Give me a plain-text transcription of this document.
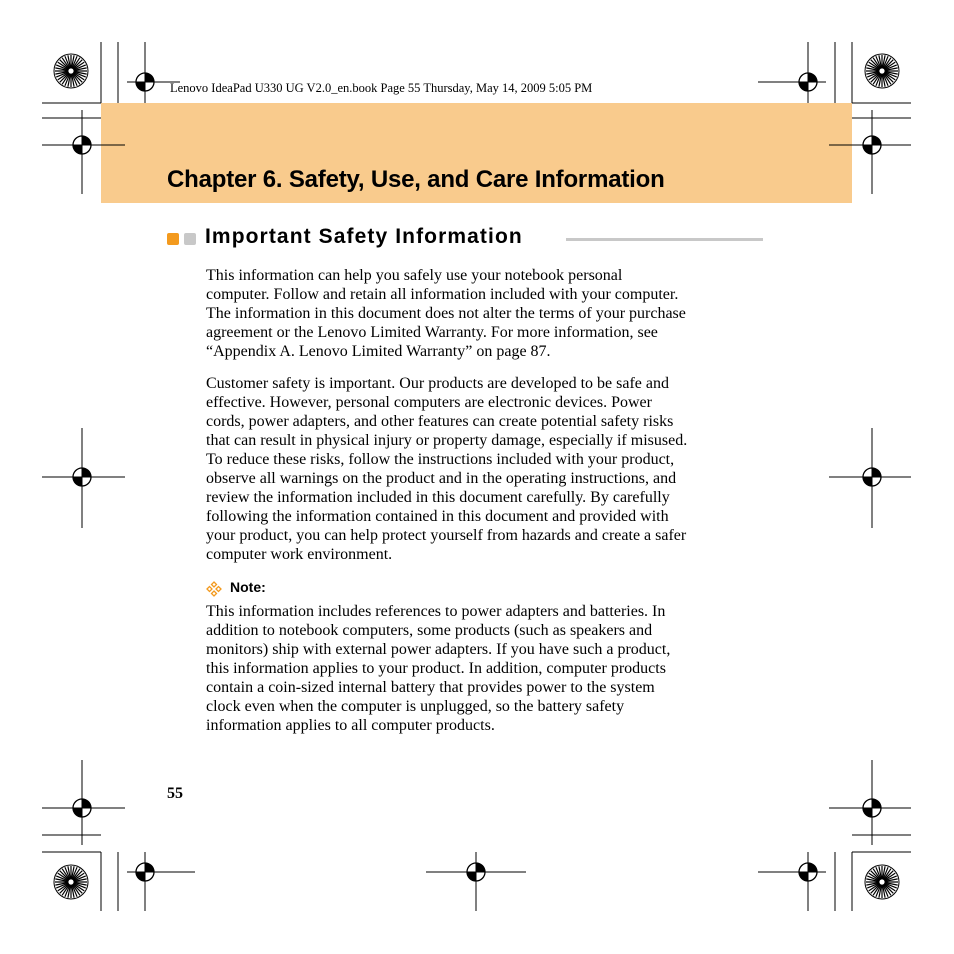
Lenovo IdeaPad U330 UG V2.0_en.book Page 55 Thursday, May 14, 2009 5:05 PM
Chapter 6. Safety, Use, and Care Information
Important Safety Information
This information can help you safely use your notebook personal
computer. Follow and retain all information included with your computer.
The information in this document does not alter the terms of your purchase
agreement or the Lenovo Limited Warranty. For more information, see
“Appendix A. Lenovo Limited Warranty” on page 87.
Customer safety is important. Our products are developed to be safe and
effective. However, personal computers are electronic devices. Power
cords, power adapters, and other features can create potential safety risks
that can result in physical injury or property damage, especially if misused.
To reduce these risks, follow the instructions included with your product,
observe all warnings on the product and in the operating instructions, and
review the information included in this document carefully. By carefully
following the information contained in this document and provided with
your product, you can help protect yourself from hazards and create a safer
computer work environment.
Note:
This information includes references to power adapters and batteries. In
addition to notebook computers, some products (such as speakers and
monitors) ship with external power adapters. If you have such a product,
this information applies to your product. In addition, computer products
contain a coin-sized internal battery that provides power to the system
clock even when the computer is unplugged, so the battery safety
information applies to all computer products.
55
